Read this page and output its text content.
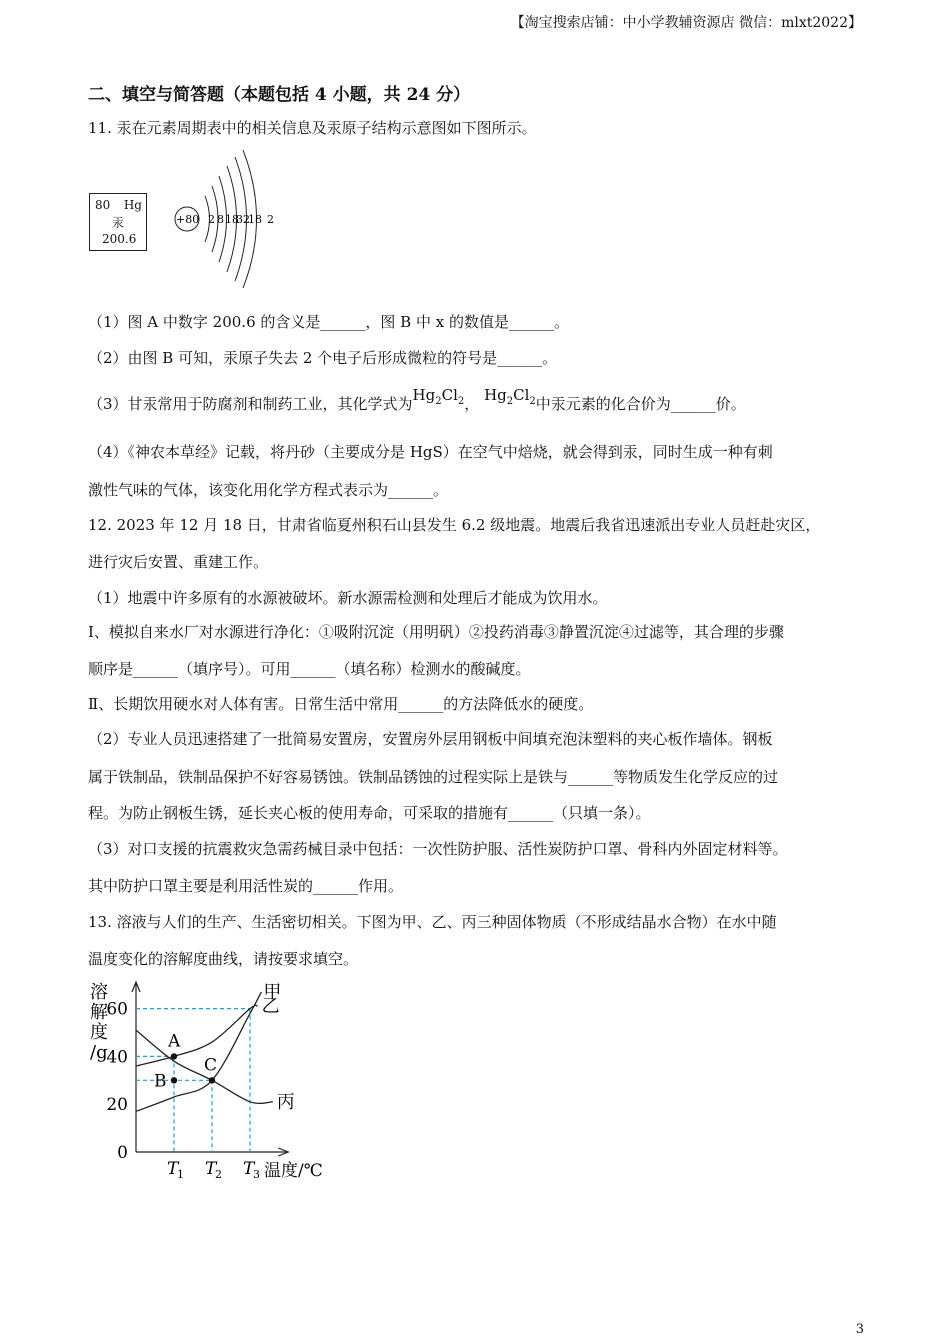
【淘宝搜索店铺：中小学教辅资源店 微信：mlxt2022】
二、填空与简答题（本题包括 4 小题，共 24 分）
11. 汞在元素周期表中的相关信息及汞原子结构示意图如下图所示。
80 Hg
汞
200.6
+80 2 8 18
32
18 2
（1）图 A 中数字 200.6 的含义是______，图 B 中 x 的数值是______。
（2）由图 B 可知，汞原子失去 2 个电子后形成微粒的符号是______。
（3）甘汞常用于防腐剂和制药工业，其化学式为$Hg_2Cl_2$， $Hg_2Cl_2$中汞元素的化合价为______价。
（4）《神农本草经》记载，将丹砂（主要成分是 HgS）在空气中焙烧，就会得到汞，同时生成一种有刺
激性气味的气体，该变化用化学方程式表示为______。
12. 2023 年 12 月 18 日，甘肃省临夏州积石山县发生 6.2 级地震。地震后我省迅速派出专业人员赶赴灾区，
进行灾后安置、重建工作。
（1）地震中许多原有的水源被破坏。新水源需检测和处理后才能成为饮用水。
Ⅰ、模拟自来水厂对水源进行净化：①吸附沉淀（用明矾）②投药消毒③静置沉淀④过滤等，其合理的步骤
顺序是______（填序号）。可用______（填名称）检测水的酸碱度。
Ⅱ、长期饮用硬水对人体有害。日常生活中常用______的方法降低水的硬度。
（2）专业人员迅速搭建了一批简易安置房，安置房外层用钢板中间填充泡沫塑料的夹心板作墙体。钢板
属于铁制品，铁制品保护不好容易锈蚀。铁制品锈蚀的过程实际上是铁与______等物质发生化学反应的过
程。为防止钢板生锈，延长夹心板的使用寿命，可采取的措施有______（只填一条）。
（3）对口支援的抗震救灾急需药械目录中包括：一次性防护服、活性炭防护口罩、骨科内外固定材料等。
其中防护口罩主要是利用活性炭的______作用。
13. 溶液与人们的生产、生活密切相关。下图为甲、乙、丙三种固体物质（不形成结晶水合物）在水中随
温度变化的溶解度曲线，请按要求填空。
溶
解
度
/g
0
20
40
60
甲
乙
丙
A
B
C
T
1 T
2 T
3 温度/℃
3
